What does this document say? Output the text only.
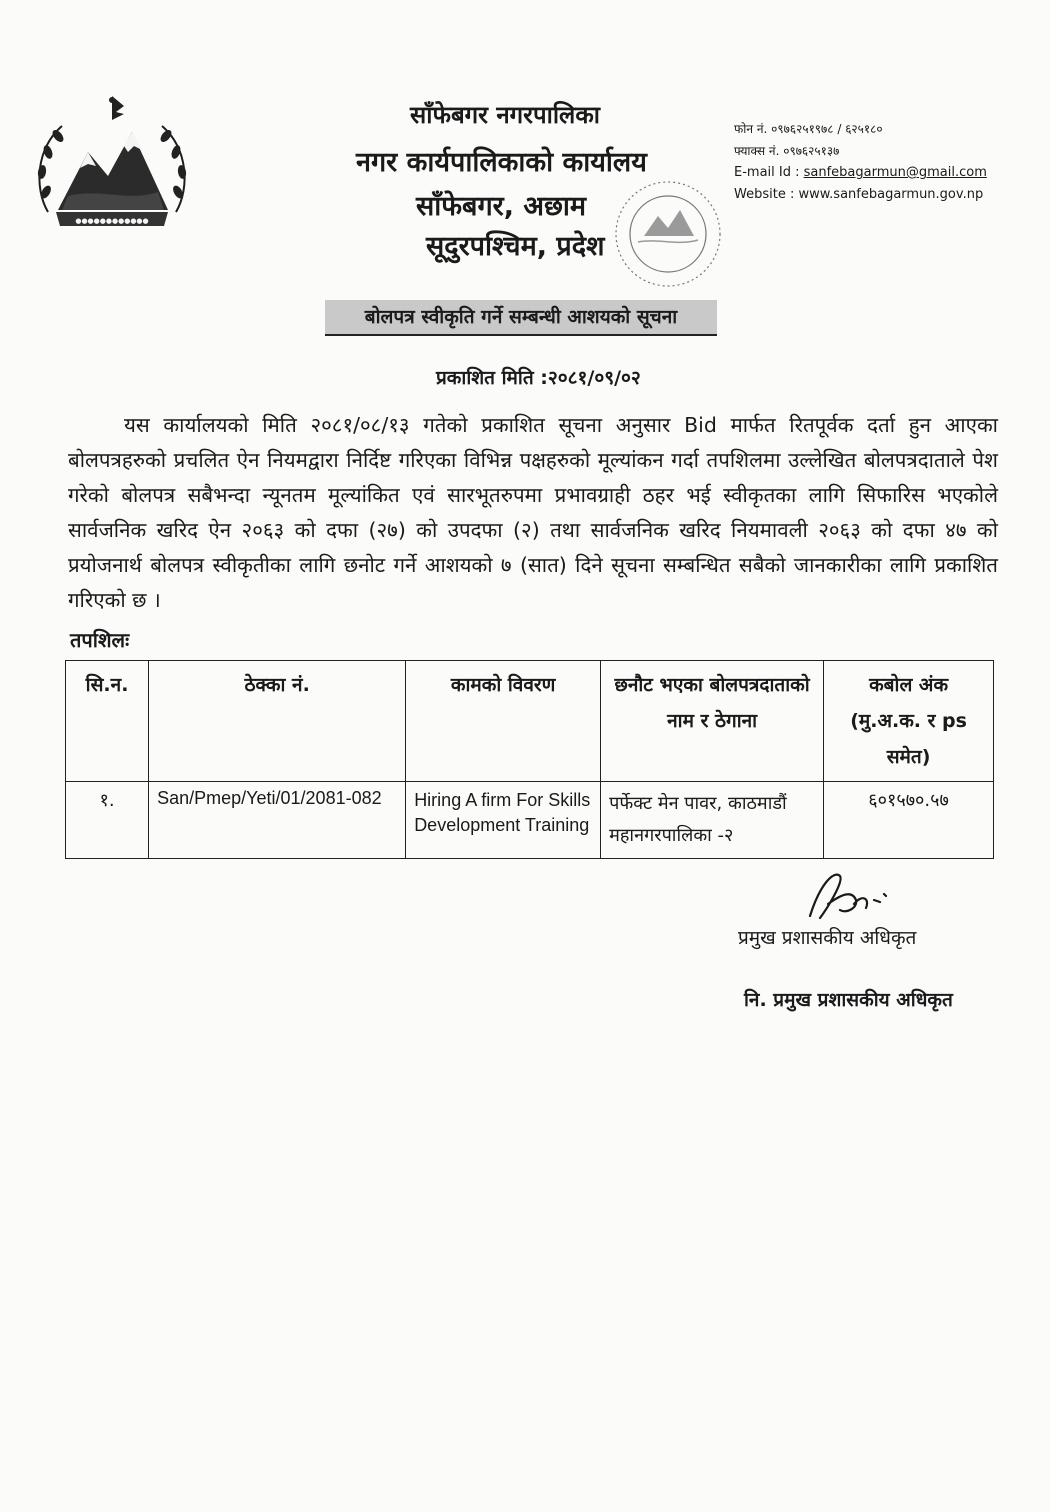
●●●●●●●●●●●●
साँफेबगर नगरपालिका
नगर कार्यपालिकाको कार्यालय
साँफेबगर, अछाम
सूदुरपश्चिम, प्रदेश
फोन नं. ०९७६२५१९७८ / ६२५१८०
फ्याक्स नं. ०९७६२५१३७
E-mail Id : sanfebagarmun@gmail.com
Website : www.sanfebagarmun.gov.np
बोलपत्र स्वीकृति गर्ने सम्बन्धी आशयको सूचना
प्रकाशित मिति :२०८१/०९/०२
यस कार्यालयको मिति २०८१/०८/१३ गतेको प्रकाशित सूचना अनुसार Bid मार्फत रितपूर्वक दर्ता हुन आएका बोलपत्रहरुको प्रचलित ऐन नियमद्वारा निर्दिष्ट गरिएका विभिन्न पक्षहरुको मूल्यांकन गर्दा तपशिलमा उल्लेखित बोलपत्रदाताले पेश गरेको बोलपत्र सबैभन्दा न्यूनतम मूल्यांकित एवं सारभूतरुपमा प्रभावग्राही ठहर भई स्वीकृतका लागि सिफारिस भएकोले सार्वजनिक खरिद ऐन २०६३ को दफा (२७) को उपदफा (२) तथा सार्वजनिक खरिद नियमावली २०६३ को दफा ४७ को प्रयोजनार्थ बोलपत्र स्वीकृतीका लागि छनोट गर्ने आशयको ७ (सात) दिने सूचना सम्बन्धित सबैको जानकारीका लागि प्रकाशित गरिएको छ ।
तपशिलः
सि.न.	ठेक्का नं.	कामको विवरण	छनौट भएका बोलपत्रदाताको नाम र ठेगाना	कबोल अंक (मु.अ.क. र ps समेत)
१.	San/Pmep/Yeti/01/2081-082	Hiring A firm For Skills Development Training	पर्फेक्ट मेन पावर, काठमाडौं महानगरपालिका -२	६०१५७०.५७
प्रमुख प्रशासकीय अधिकृत
नि. प्रमुख प्रशासकीय अधिकृत
